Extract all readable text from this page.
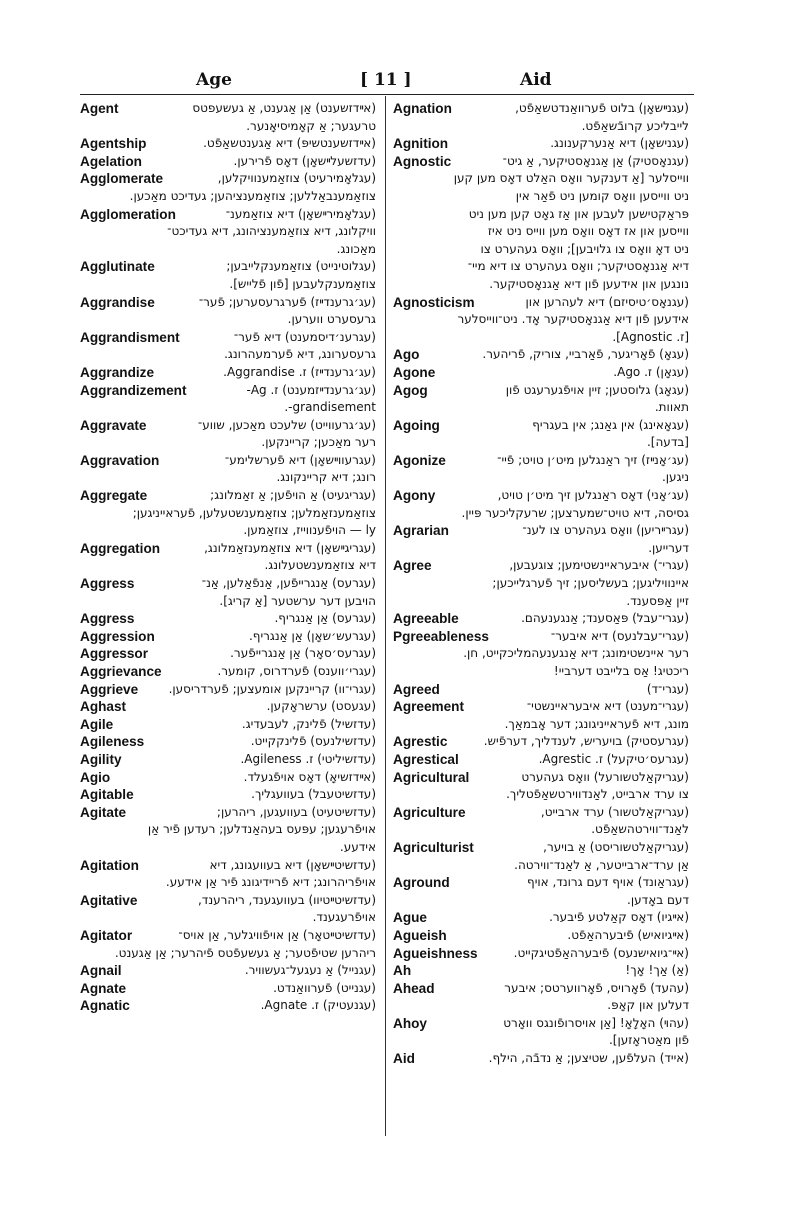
Age	[ 11 ]	Aid
Agent	(אײדזשענט) אַן אַגענט, אַ געשעפטס
טרעגער; אַ קאָמיסיאָנער.
Agentship	(אײדזשענטשיפּ) דיא אַגענטשאַפֿט.
Agelation	(עדזשעלײשאָן) דאָס פֿרירען.
Agglomerate	(עגלאָמירעיט) צוזאַמענוויקלען,
צוזאַמענבאַללען; צוזאַמענציהען; געדיכט מאַכען.
Agglomeration	(עגלאָמירײשאָן) דיא צוזאַמענ־
וויקלונג, דיא צוזאַמענציהונג, דיא געדיכט־
מאַכונג.
Agglutinate	(עגלוטינייט) צוזאַמענקלייבען;
צוזאַמענקלעבען [פֿון פֿלייש].
Aggrandise	(עג׳גרענדײז) פֿערגרעסערען; פֿער־
גרעסערט ווערען.
Aggrandisment	(עגרענ׳דיסמענט) דיא פֿער־
גרעסערונג, דיא פֿערמעהרונג.
Aggrandize	(עג׳גרענדײז) ז. Aggrandise.
Aggrandizement	(עג׳גרענדײזמענט) ז. Ag-
grandisement-.
Aggravate	(עג׳גרעווייט) שלעכט מאַכען, שווע־
רער מאַכען; קריינקען.
Aggravation	(עגרעווײשאָן) דיא פֿערשלימע־
רונג; דיא קריינקונג.
Aggregate	(עגריגעיט) אַ הויפֿען; אַ זאַמלונג;
צוזאַמענזאַמלען; צוזאַמענשטעלען, פֿעראייניגען;
ly — הויפֿענווייז, צוזאַמען.
Aggregation	(עגריגײשאָן) דיא צוזאַמענזאַמלונג,
דיא צוזאַמענשטעלונג.
Aggress	(עגרעס) אַנגרייפֿען, אַנפֿאַלען, אַנ־
הויבען דער ערשטער [אַ קריג].
Aggress	(עגרעס) אַן אַנגריף.
Aggression	(עגרעש׳שאָן) אַן אַנגריף.
Aggressor	(עגרעס׳סאָר) אַן אַנגרייפֿער.
Aggrievance	(עגרי׳ווענס) פֿערדרוס, קומער.
Aggrieve	(עגרי־וו) קריינקען אומעצען; פֿערדריסען.
Aghast	(עגעסט) ערשראָקען.
Agile	(עדזשיל) פֿלינק, לעבעדיג.
Agileness	(עדזשילנעס) פֿלינקקייט.
Agility	(עדזשיליטי) ז. Agileness.
Agio	(אײדזשיאָ) דאָס אויפֿגעלד.
Agitable	(עדזשיטעבל) בעוועגליך.
Agitate	(עדזשיטעיט) בעוועגען, ריהרען;
אויפֿרעגען; עפּעס בעהאַנדלען; רעדען פֿיר אַן
אידעע.
Agitation	(עדזשיטײשאָן) דיא בעוועגונג, דיא
אויפֿריהרונג; דיא פֿריידיגונג פֿיר אַן אידעע.
Agitative	(עדזשיטײטיוו) בעוועגענד, ריהרענד,
אויפֿרעגענד.
Agitator	(עדזשיטײטאָר) אַן אויפֿוויגלער, אַן אויס־
ריהרען שטיפֿטער; אַ געשעפֿטס פֿיהרער; אַן אַגענט.
Agnail	(עגנייל) אַ נעגעל־געשוויר.
Agnate	(עגנייט) פֿערוואַנדט.
Agnatic	(עגנעטיק) ז. Agnate.
Agnation	(עגנײשאָן) בלוט פֿערוואַנדטשאַפֿט,
לייבליכע קרובֿשאַפֿט.
Agnition	(עגנישאָן) דיא אַנערקענונג.
Agnostic	(עגנאָסטיק) אַן אַגנאָסטיקער, אַ גיט־
ווייסלער [אַ דענקער וואָס האַלט דאָס מען קען
ניט ווייסען וואָס קומען ניט פֿאַר אין
פּראַקטישען לעבען און אַז גאָט קען מען ניט
ווייסען און אז דאָס וואָס מען ווייס ניט איז
ניט דאָ וואָס צו גלויבען]; וואָס געהערט צו
דיא אַגנאָסטיקער; וואָס געהערט צו דיא מיי־
נונגען און אידעען פֿון דיא אַגנאָסטיקער.
Agnosticism	(עגנאָס׳טיסיזם) דיא לעהרען און
אידעען פֿון דיא אַגנאָסטיקער אָד. ניט־ווייסלער
[ז. Agnostic].
Ago	(עגאָ) פֿאָריגער, פֿאַרביי, צוריק, פֿריהער.
Agone	(עגאָן) ז. Ago.
Agog	(עגאָג) גלוסטען; זיין אויפֿגערעגט פֿון
תאוות.
Agoing	(עגאָאינג) אין גאַנג; אין בעגריף
[בדעה].
Agonize	(עג׳אָנײז) זיך ראַנגלען מיט׳ן טויט; פֿיי־
ניגען.
Agony	(עג׳אָני) דאָס ראַנגלען זיך מיט׳ן טויט,
גסיסה, דיא טויט־שמערצען; שרעקליכער פּיין.
Agrarian	(עגרײריען) וואָס געהערט צו לענ־
דערייען.
Agree	(עגרי־) איבעראיינשטימען; צוגעבען,
איינוויליגען; בעשליסען; זיך פֿערגלייכען;
זיין אַפּסענד.
Agreeable	(עגרי־עבל) פּאַסענד; אַנגענעהם.
Pgreeableness	(עגרי־עבלנעס) דיא איבער־
רער איינשטימונג; דיא אַנגענעהמליכקייט, חן.
ריכטיג! אַס בלייבט דערביי!
Agreed	(עגרי־ד)
Agreement	(עגרי־מענט) דיא איבעראיינשטי־
מונג, דיא פֿעראייניגונג; דער אָבמאַך.
Agrestic	(עגרעסטיק) בויעריש, לענדליך, דערפֿיש.
Agrestical	(עגרעס׳טיקעל) ז. Agrestic.
Agricultural	(עגריקאַלטשורעל) וואָס געהערט
צו ערד ארבייט, לאַנדווירטשאַפֿטליך.
Agriculture	(עגריקאַלטשור) ערד ארבייט,
לאַנד־ווירטהשאַפֿט.
Agriculturist	(עגריקאַלטשוריסט) אַ בויער,
אַן ערד־ארבייטער, אַ לאַנד־ווירטה.
Aground	(עגראַונד) אויף דעם גרונד, אויף
דעם באָדען.
Ague	(אײגיו) דאָס קאַלטע פֿיבער.
Agueish	(אײגיואיש) פֿיבערהאַפֿט.
Agueishness	(אײ־גיואישנעס) פֿיבערהאַפֿטיגקייט.
Ah	(אַ) אַך! אָך!
Ahead	(עהעד) פֿאָרויס, פֿאָרווערטס; איבער
דעלען און קאָפּ.
Ahoy	(עהױ) האָלָאָ! [אַן אויסרופֿונגס וואָרט
פֿון מאַטראָזען].
Aid	(אייד) העלפֿען, שטיצען; אַ נדבֿה, הילף.
